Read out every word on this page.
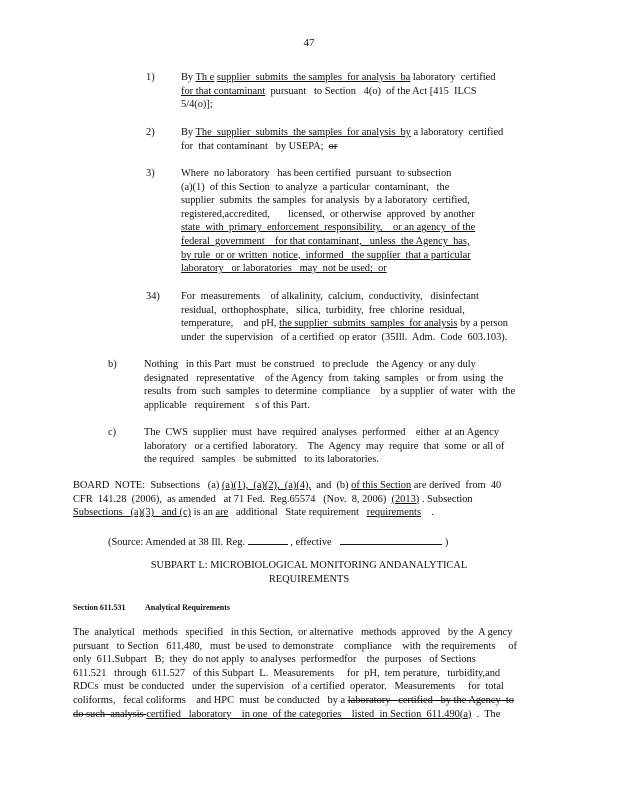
47
1)	By Th e supplier  submits  the samples  for analysis  ba laboratory  certified
for that contaminant  pursuant   to Section   4(o)  of the Act [415  ILCS
5/4(o)];
2)	By The  supplier  submits  the samples  for analysis  by a laboratory  certified
for  that contaminant   by USEPA;  or
3)	Where  no laboratory   has been certified  pursuant  to subsection
(a)(1)  of this Section  to analyze  a particular  contaminant,   the
supplier  submits  the samples  for analysis  by a laboratory  certified,
registered,accredited,       licensed,  or otherwise  approved  by another
state  with  primary  enforcement  responsibility,    or an agency  of the
federal  government    for that contaminant,   unless  the Agency  has,
by rule  or or written  notice,  informed   the supplier  that a particular
laboratory   or laboratories   may  not be used;  or
34) For  measurements    of alkalinity,  calcium,  conductivity,   disinfectant
residual,  orthophosphate,   silica,  turbidity,  free  chlorine  residual,
temperature,    and pH, the supplier  submits  samples  for analysis by a person
under  the supervision   of a certified  op erator  (35Ill.  Adm.  Code  603.103).
b)	Nothing   in this Part  must  be construed   to preclude   the Agency  or any duly
designated   representative    of the Agency  from  taking  samples   or from  using  the
results  from  such  samples  to determine  compliance    by a supplier  of water  with  the
applicable   requirement    s of this Part.
c)	The  CWS  supplier  must  have  required  analyses  performed    either  at an Agency
laboratory   or a certified  laboratory.    The  Agency  may  require  that  some  or all of
the required   samples   be submitted   to its laboratories.
BOARD  NOTE:  Subsections   (a) (a)(1),  (a)(2),  (a)(4),  and  (b) of this Section are derived  from  40
CFR  141.28  (2006),  as amended   at 71 Fed.  Reg.65574   (Nov.  8, 2006)  (2013) . Subsection
Subsections   (a)(3)   and (c) is an are   additional   State requirement   requirements    .
(Source: Amended at 38 Ill. Reg.	, effective	)
SUBPART L: MICROBIOLOGICAL MONITORING ANDANALYTICAL
REQUIREMENTS
Section 611.531 Analytical Requirements
The  analytical   methods   specified   in this Section,  or alternative   methods  approved   by the  A gency
pursuant   to Section   611.480,   must  be used  to demonstrate    compliance    with  the requirements     of
only  611.Subpart   B;  they  do not apply  to analyses  performedfor    the  purposes   of Sections
611.521   through  611.527   of this Subpart  L.  Measurements     for  pH,  tem perature,   turbidity,and
RDCs  must  be conducted   under  the supervision   of a certified  operator.   Measurements     for  total
coliforms,   fecal coliforms    and HPC  must  be conducted   by a laboratory   certified   by the Agency  to
do such  analysis certified   laboratory    in one  of the categories    listed  in Section  611.490(a)  .  The
